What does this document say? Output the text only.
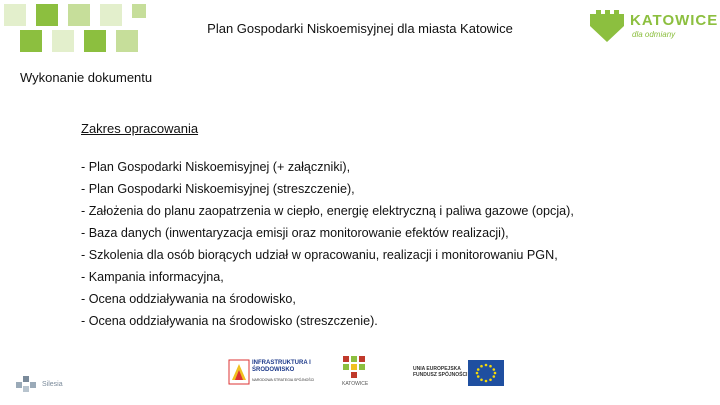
Plan Gospodarki Niskoemisyjnej dla miasta Katowice	KATOWICE
dla odmiany
Wykonanie dokumentu
Zakres opracowania
- Plan Gospodarki Niskoemisyjnej (+ załączniki),
- Plan Gospodarki Niskoemisyjnej (streszczenie),
- Założenia do planu zaopatrzenia w ciepło, energię elektryczną i paliwa gazowe (opcja),
- Baza danych (inwentaryzacja emisji oraz monitorowanie efektów realizacji),
- Szkolenia dla osób biorących udział w opracowaniu, realizacji i monitorowaniu PGN,
- Kampania informacyjna,
- Ocena oddziaływania na środowisko,
- Ocena oddziaływania na środowisko (streszczenie).
Silesia
INFRASTRUKTURA I ŚRODOWISKO
NARODOWA STRATEGIA SPÓJNOŚCI
KATOWICE
UNIA EUROPEJSKA FUNDUSZ SPÓJNOŚCI
